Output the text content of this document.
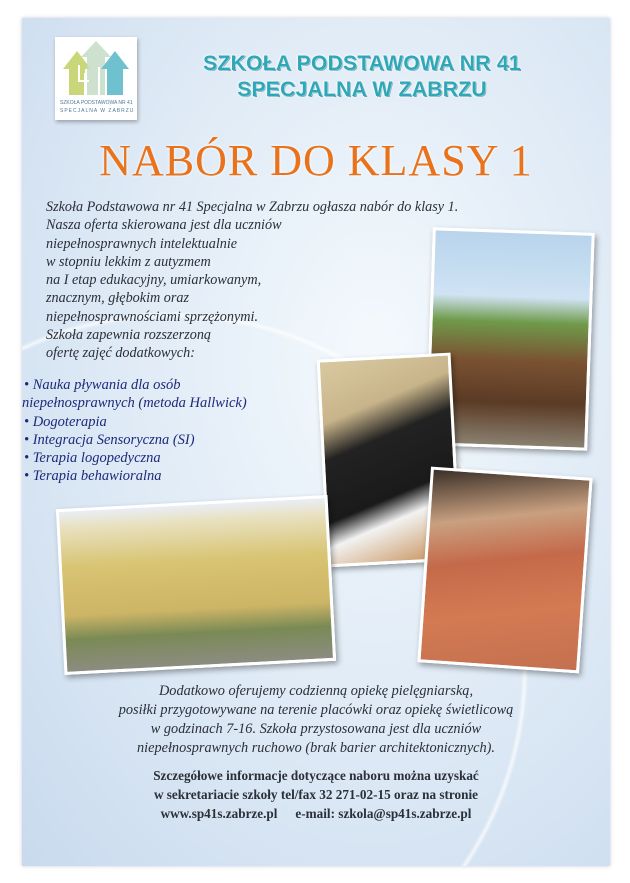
SZKOŁA PODSTAWOWA NR 41
SPECJALNA W ZABRZU
SZKOŁA PODSTAWOWA NR 41
SPECJALNA W ZABRZU
NABÓR DO KLASY 1
Szkoła Podstawowa nr 41 Specjalna w Zabrzu ogłasza nabór do klasy 1.
Nasza oferta skierowana jest dla uczniów
niepełnosprawnych intelektualnie
w stopniu lekkim z autyzmem
na I etap edukacyjny, umiarkowanym,
znacznym, głębokim oraz
niepełnosprawnościami sprzężonymi.
Szkoła zapewnia rozszerzoną
ofertę zajęć dodatkowych:
• Nauka pływania dla osób
niepełnosprawnych (metoda Hallwick)
• Dogoterapia
• Integracja Sensoryczna (SI)
• Terapia logopedyczna
• Terapia behawioralna
Dodatkowo oferujemy codzienną opiekę pielęgniarską,
posiłki przygotowywane na terenie placówki oraz opiekę świetlicową
w godzinach 7-16. Szkoła przystosowana jest dla uczniów
niepełnosprawnych ruchowo (brak barier architektonicznych).
Szczegółowe informacje dotyczące naboru można uzyskać
w sekretariacie szkoły tel/fax 32 271-02-15 oraz na stronie
www.sp41s.zabrze.pl e-mail: szkola@sp41s.zabrze.pl
